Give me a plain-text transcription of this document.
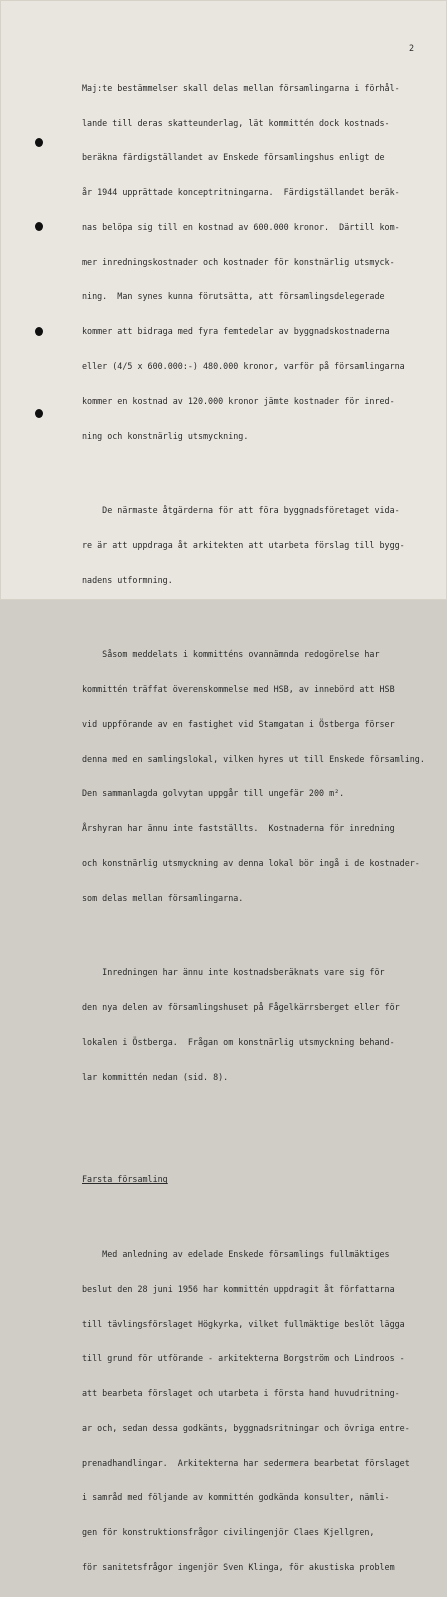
2

Maj:te bestämmelser skall delas mellan församlingarna i förhål-

lande till deras skatteunderlag, lät kommittén dock kostnads-

beräkna färdigställandet av Enskede församlingshus enligt de

år 1944 upprättade konceptritningarna.  Färdigställandet beräk-

nas belöpa sig till en kostnad av 600.000 kronor.  Därtill kom-

mer inredningskostnader och kostnader för konstnärlig utsmyck-

ning.  Man synes kunna förutsätta, att församlingsdelegerade

kommer att bidraga med fyra femtedelar av byggnadskostnaderna

eller (4/5 x 600.000:-) 480.000 kronor, varför på församlingarna

kommer en kostnad av 120.000 kronor jämte kostnader för inred-

ning och konstnärlig utsmyckning.

De närmaste åtgärderna för att föra byggnadsföretaget vida-

re är att uppdraga åt arkitekten att utarbeta förslag till bygg-

nadens utformning.

Såsom meddelats i kommitténs ovannämnda redogörelse har

kommittén träffat överenskommelse med HSB, av innebörd att HSB

vid uppförande av en fastighet vid Stamgatan i Östberga förser

denna med en samlingslokal, vilken hyres ut till Enskede församling.

Den sammanlagda golvytan uppgår till ungefär 200 m².

Årshyran har ännu inte fastställts.  Kostnaderna för inredning

och konstnärlig utsmyckning av denna lokal bör ingå i de kostnader-

som delas mellan församlingarna.

Inredningen har ännu inte kostnadsberäknats vare sig för

den nya delen av församlingshuset på Fågelkärrsberget eller för

lokalen i Östberga.  Frågan om konstnärlig utsmyckning behand-

lar kommittén nedan (sid. 8).

Farsta församling

Med anledning av edelade Enskede församlings fullmäktiges

beslut den 28 juni 1956 har kommittén uppdragit åt författarna

till tävlingsförslaget Högkyrka, vilket fullmäktige beslöt lägga

till grund för utförande - arkitekterna Borgström och Lindroos -

att bearbeta förslaget och utarbeta i första hand huvudritning-

ar och, sedan dessa godkänts, byggnadsritningar och övriga entre-

prenadhandlingar.  Arkitekterna har sedermera bearbetat förslaget

i samråd med följande av kommittén godkända konsulter, nämli-

gen för konstruktionsfrågor civilingenjör Claes Kjellgren,

för sanitetsfrågor ingenjör Sven Klinga, för akustiska problem
